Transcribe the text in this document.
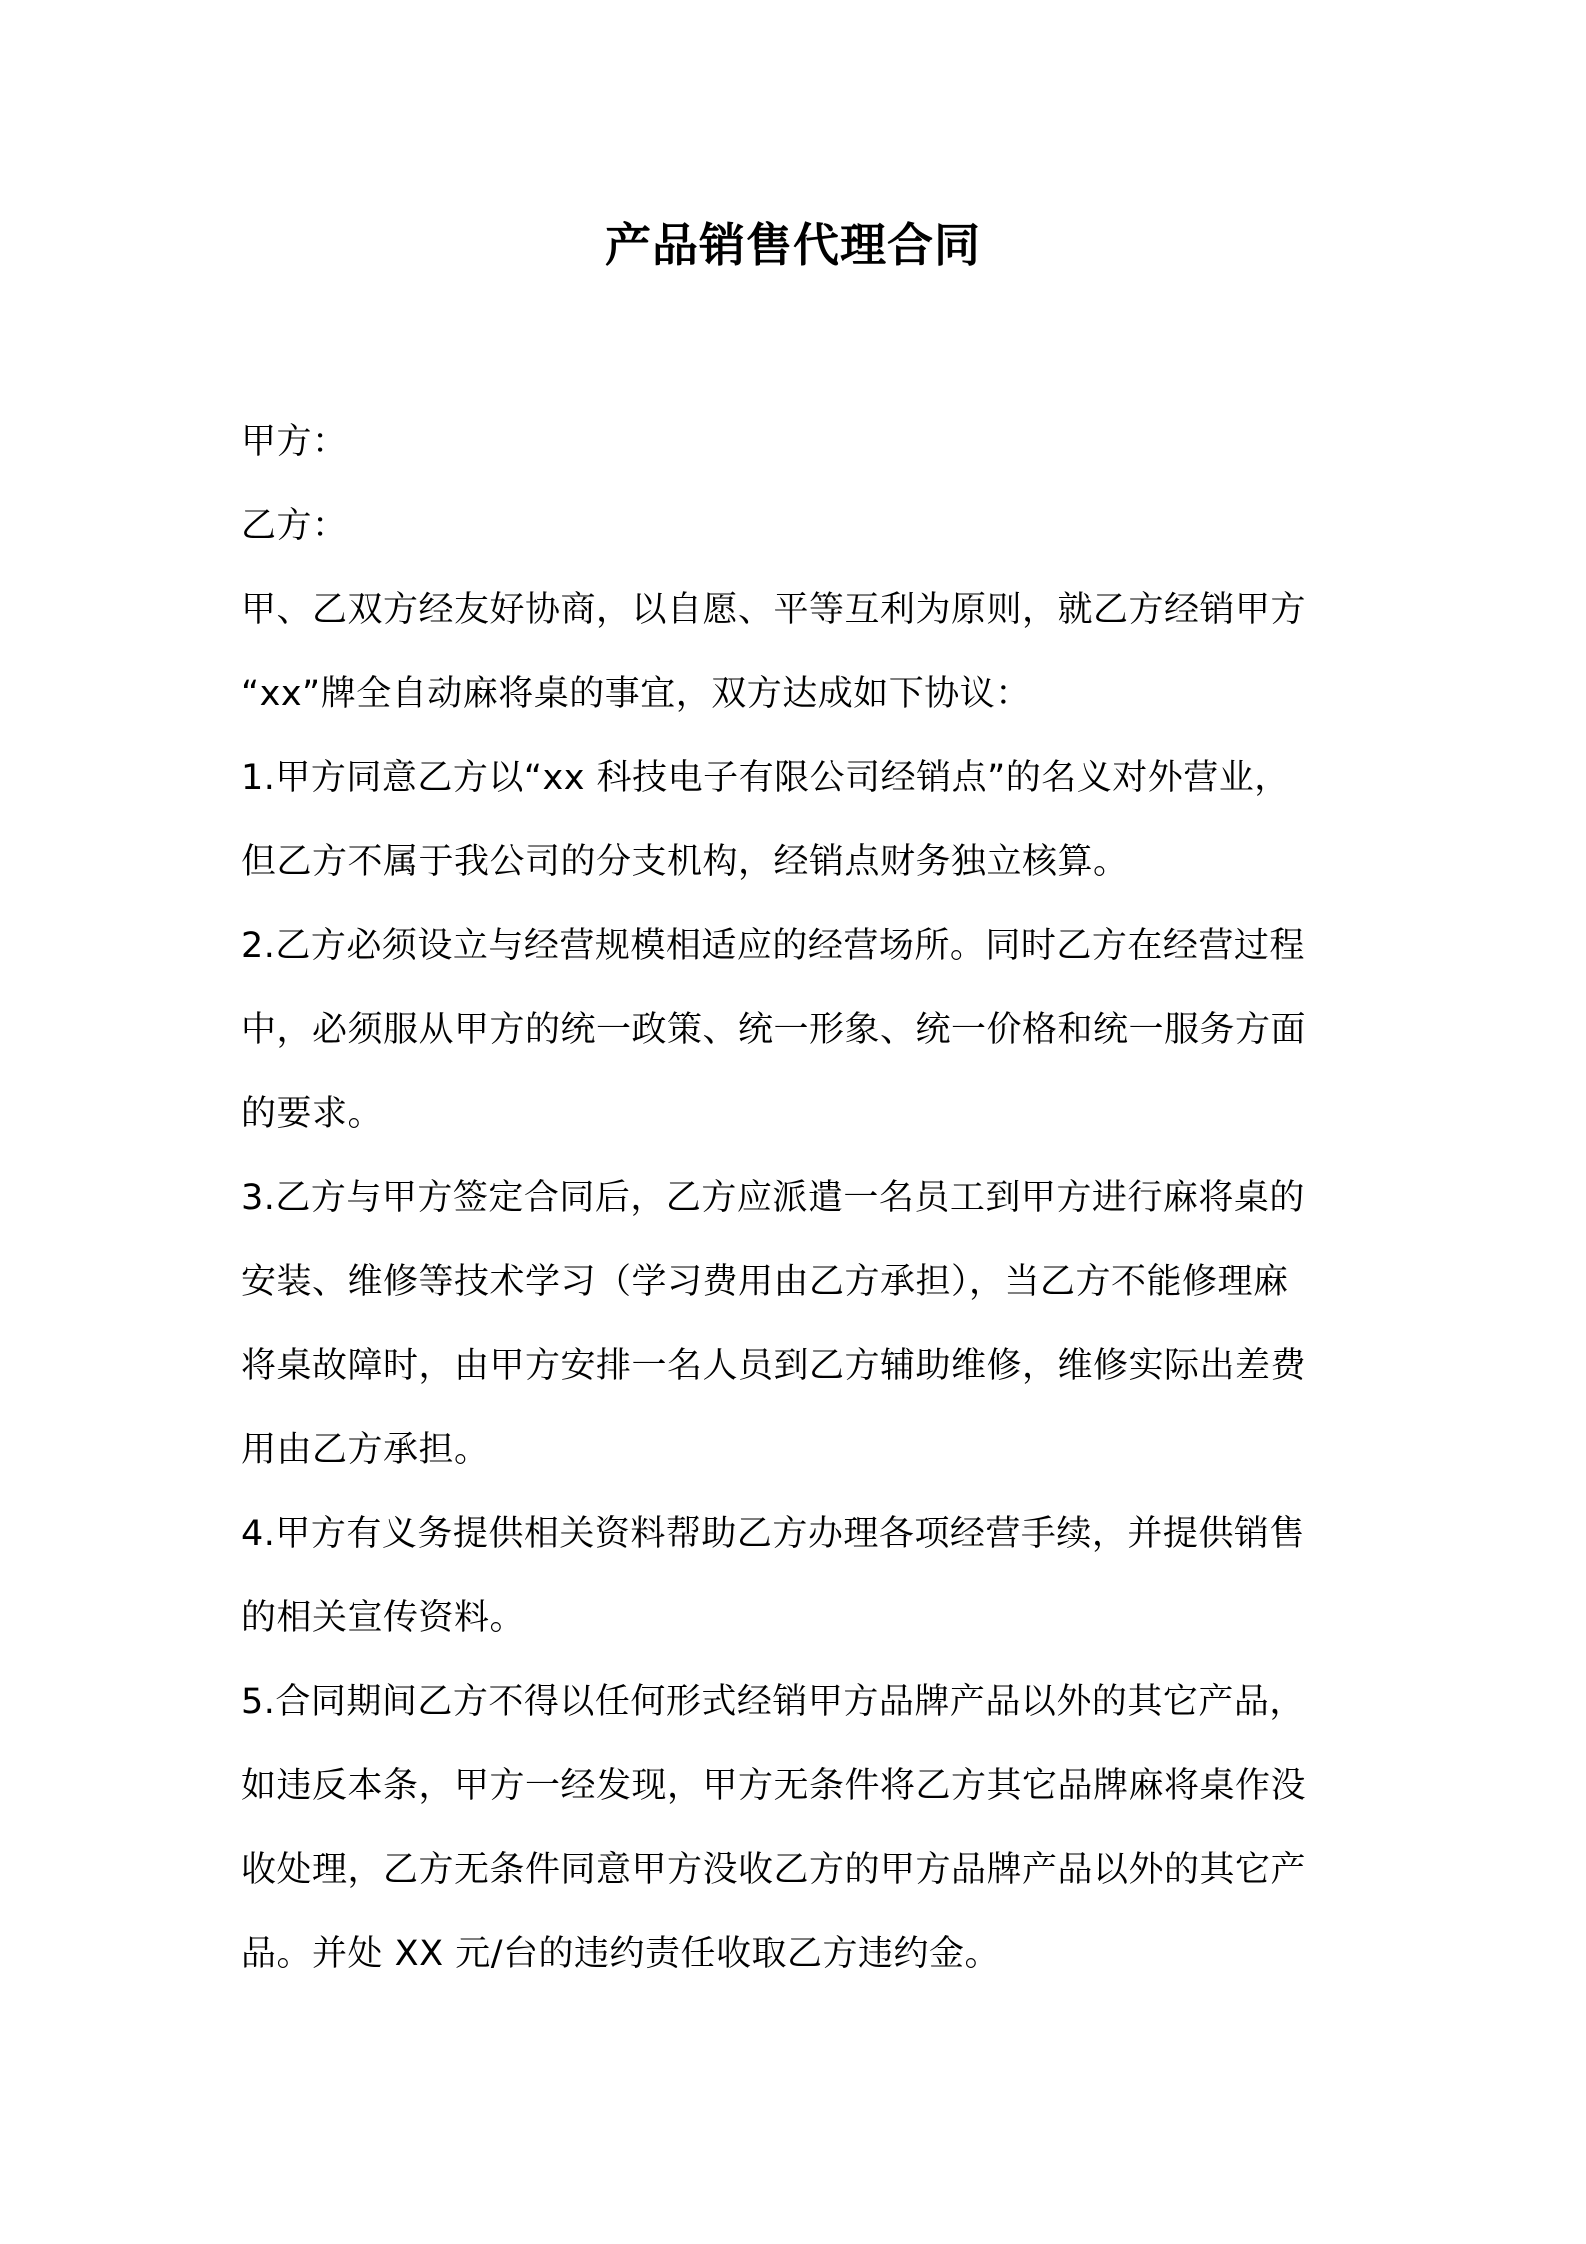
产品销售代理合同
甲方：
乙方：
甲、乙双方经友好协商，以自愿、平等互利为原则，就乙方经销甲方
“xx”牌全自动麻将桌的事宜，双方达成如下协议：
1.甲方同意乙方以“xx 科技电子有限公司经销点”的名义对外营业，
但乙方不属于我公司的分支机构，经销点财务独立核算。
2.乙方必须设立与经营规模相适应的经营场所。同时乙方在经营过程
中，必须服从甲方的统一政策、统一形象、统一价格和统一服务方面
的要求。
3.乙方与甲方签定合同后，乙方应派遣一名员工到甲方进行麻将桌的
安装、维修等技术学习（学习费用由乙方承担），当乙方不能修理麻
将桌故障时，由甲方安排一名人员到乙方辅助维修，维修实际出差费
用由乙方承担。
4.甲方有义务提供相关资料帮助乙方办理各项经营手续，并提供销售
的相关宣传资料。
5.合同期间乙方不得以任何形式经销甲方品牌产品以外的其它产品，
如违反本条，甲方一经发现，甲方无条件将乙方其它品牌麻将桌作没
收处理，乙方无条件同意甲方没收乙方的甲方品牌产品以外的其它产
品。并处 XX 元/台的违约责任收取乙方违约金。
